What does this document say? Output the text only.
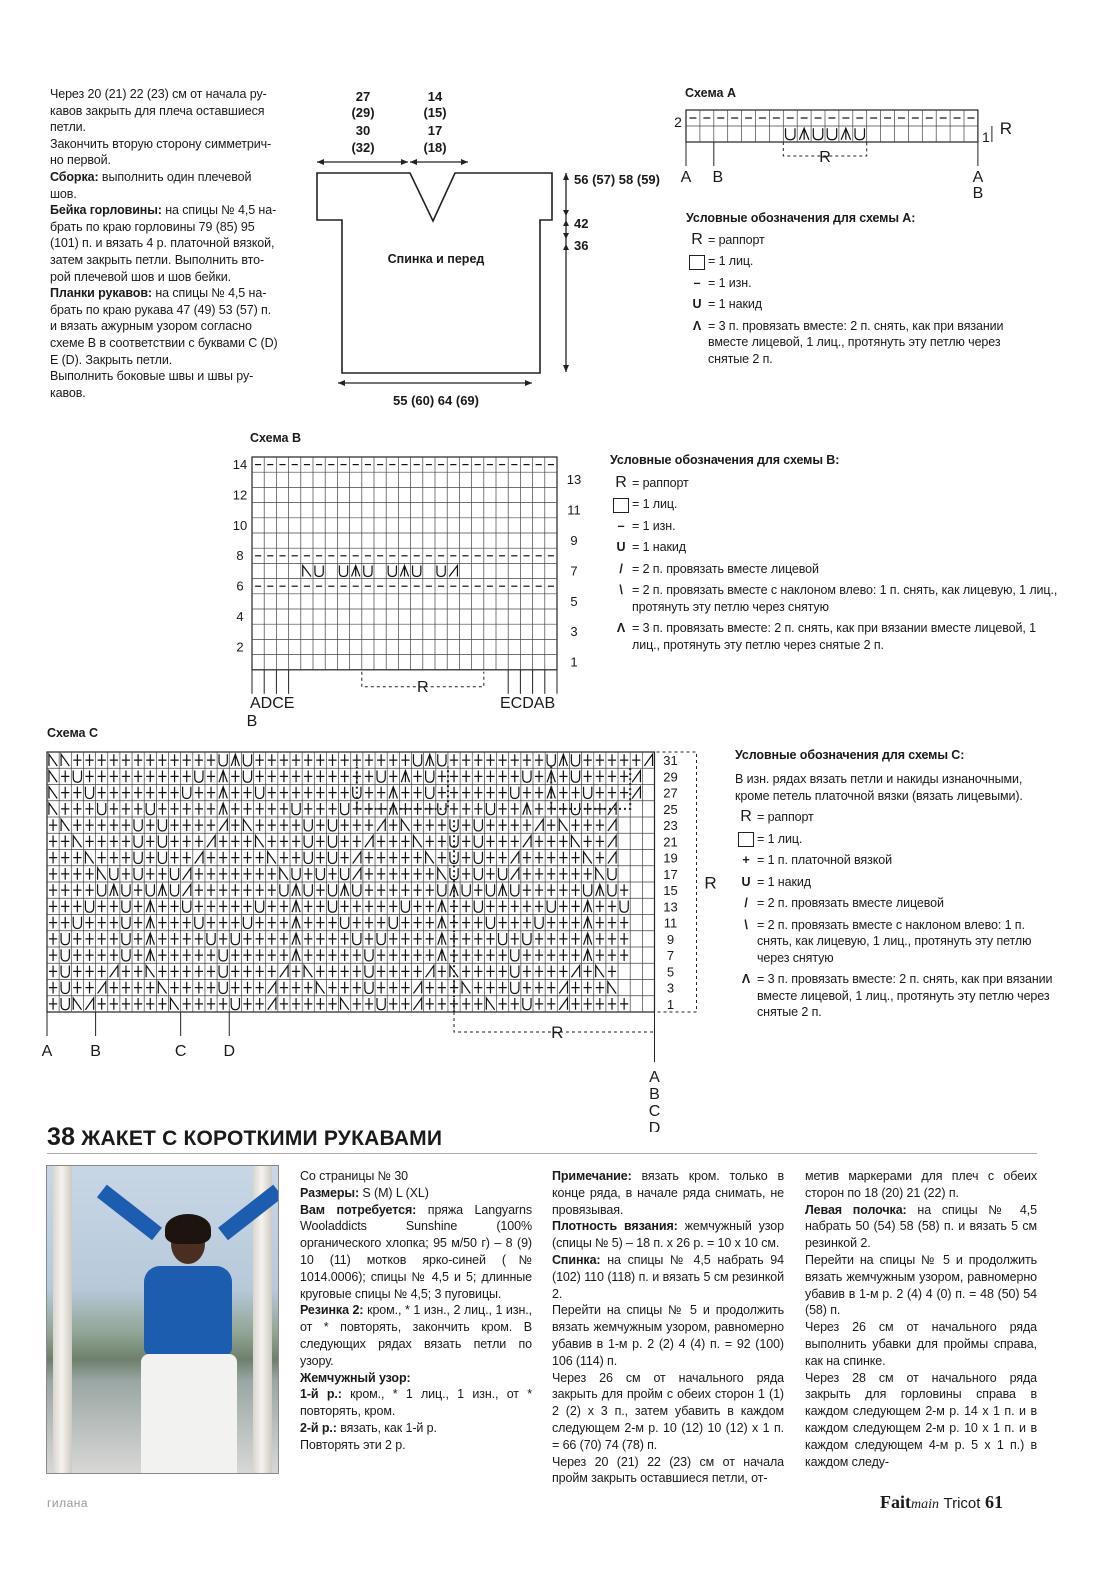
Через 20 (21) 22 (23) см от начала ру-
кавов закрыть для плеча оставшиеся
петли.
Закончить вторую сторону симметрич-
но первой.
Сборка: выполнить один плечевой
шов.
Бейка горловины: на спицы № 4,5 на-
брать по краю горловины 79 (85) 95
(101) п. и вязать 4 р. платочной вязкой,
затем закрыть петли. Выполнить вто-
рой плечевой шов и шов бейки.
Планки рукавов: на спицы № 4,5 на-
брать по краю рукава 47 (49) 53 (57) п.
и вязать ажурным узором согласно
схеме В в соответствии с буквами С (D)
Е (D). Закрыть петли.
Выполнить боковые швы и швы ру-
кавов.
27
(29)
30
(32)
14
(15)
17
(18)
Спинка и перед
56 (57) 58 (59)
42
36
55 (60) 64 (69)
Схема А
2
1 R
R
A B	A
B
Условные обозначения для схемы А:
R = раппорт
= 1 лиц.
– = 1 изн.
U = 1 накид
Λ = 3 п. провязать вместе: 2 п. снять, как при вязании вместе лицевой, 1 лиц., протянуть эту петлю через снятые 2 п.
Схема В
14
12
10
8
6
4
2
13
11
9
7
5
3
1
R
ADCE
B
ECDAB
Условные обозначения для схемы В:
R = раппорт
= 1 лиц.
– = 1 изн.
U = 1 накид
/ = 2 п. провязать вместе лицевой
\ = 2 п. провязать вместе с наклоном влево: 1 п. снять, как лицевую, 1 лиц., протянуть эту петлю через снятую
Λ = 3 п. провязать вместе: 2 п. снять, как при вязании вместе лицевой, 1 лиц., протянуть эту петлю через снятые 2 п.
Схема С
31
29
27
25
23
21
19
17
15
13
11
9
7
5
3
1
R
R
A B	C D
A
B
C
D
Условные обозначения для схемы С:
В изн. рядах вязать петли и накиды изнаночными, кроме петель платочной вязки (вязать лицевыми).
R = раппорт
= 1 лиц.
+ = 1 п. платочной вязкой
U = 1 накид
/ = 2 п. провязать вместе лицевой
\ = 2 п. провязать вместе с наклоном влево: 1 п. снять, как лицевую, 1 лиц., протянуть эту петлю через снятую
Λ = 3 п. провязать вместе: 2 п. снять, как при вязании вместе лицевой, 1 лиц., протянуть эту петлю через снятые 2 п.
38 ЖАКЕТ С КОРОТКИМИ РУКАВАМИ
Со страницы № 30
Размеры: S (M) L (XL)
Вам потребуется: пряжа Langyarns Wooladdicts Sunshine (100% органического хлопка; 95 м/50 г) – 8 (9) 10 (11) мотков ярко-синей (№ 1014.0006); спицы № 4,5 и 5; длинные круговые спицы № 4,5; 3 пуговицы.
Резинка 2: кром., * 1 изн., 2 лиц., 1 изн., от * повторять, закончить кром. В следующих рядах вязать петли по узору.
Жемчужный узор:
1-й р.: кром., * 1 лиц., 1 изн., от * повторять, кром.
2-й р.: вязать, как 1-й р.
Повторять эти 2 р.
Примечание: вязать кром. только в конце ряда, в начале ряда снимать, не провязывая.
Плотность вязания: жемчужный узор (спицы № 5) – 18 п. х 26 р. = 10 х 10 см.
Спинка: на спицы № 4,5 набрать 94 (102) 110 (118) п. и вязать 5 см резинкой 2.
Перейти на спицы № 5 и продолжить вязать жемчужным узором, равномерно убавив в 1-м р. 2 (2) 4 (4) п. = 92 (100) 106 (114) п.
Через 26 см от начального ряда закрыть для пройм с обеих сторон 1 (1) 2 (2) х 3 п., затем убавить в каждом следующем 2-м р. 10 (12) 10 (12) х 1 п. = 66 (70) 74 (78) п.
Через 20 (21) 22 (23) см от начала пройм закрыть оставшиеся петли, от-
метив маркерами для плеч с обеих сторон по 18 (20) 21 (22) п.
Левая полочка: на спицы № 4,5 набрать 50 (54) 58 (58) п. и вязать 5 см резинкой 2.
Перейти на спицы № 5 и продолжить вязать жемчужным узором, равномерно убавив в 1-м р. 2 (4) 4 (0) п. = 48 (50) 54 (58) п.
Через 26 см от начального ряда выполнить убавки для проймы справа, как на спинке.
Через 28 см от начального ряда закрыть для горловины справа в каждом следующем 2-м р. 14 х 1 п. и в каждом следующем 2-м р. 10 х 1 п. и в каждом следующем 4-м р. 5 х 1 п.) в каждом следу-
гилана	Faitmain Tricot 61
